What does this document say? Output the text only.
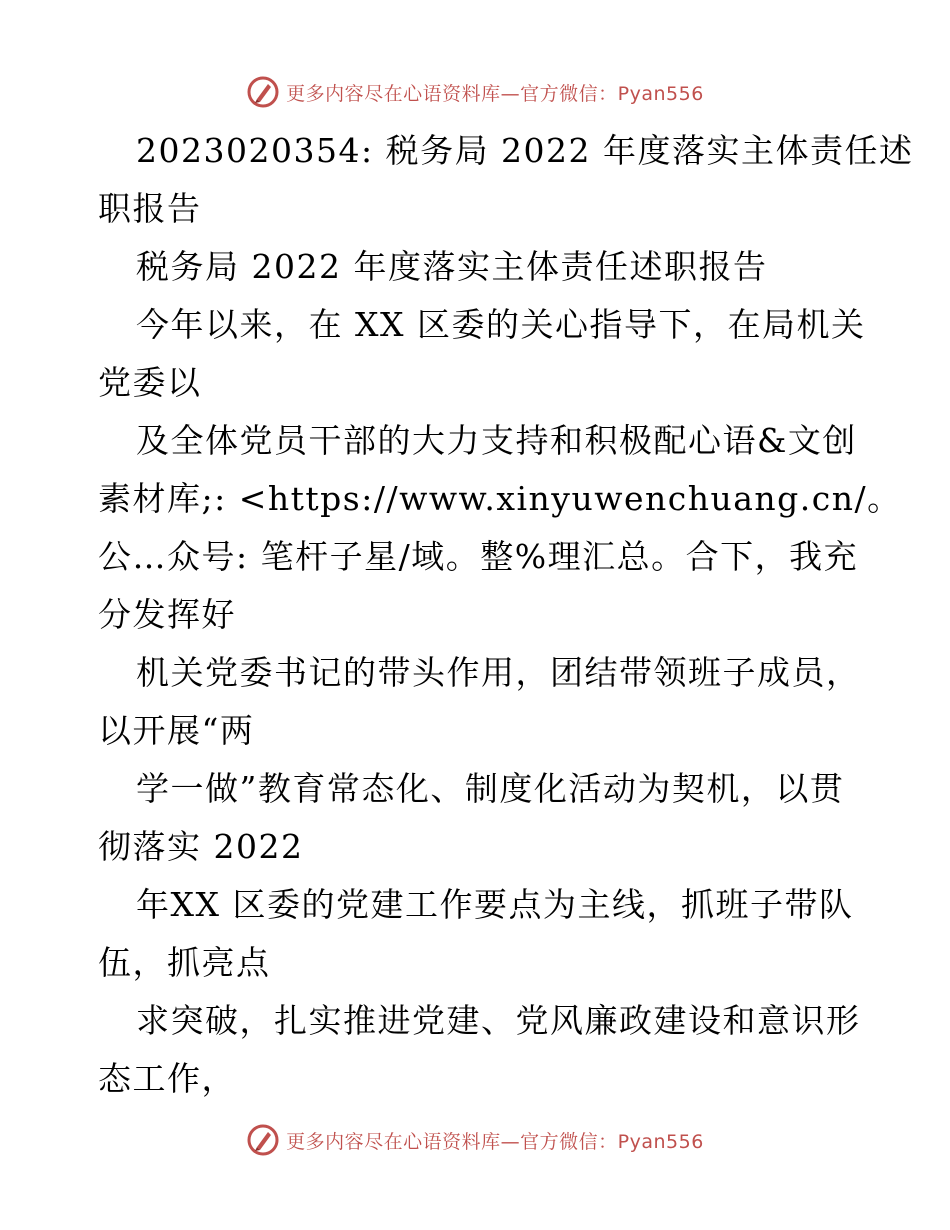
更多内容尽在心语资料库—官方微信：Pyan556
2023020354: 税务局 2022 年度落实主体责任述
职报告
税务局 2022 年度落实主体责任述职报告
今年以来，在 XX 区委的关心指导下，在局机关
党委以
及全体党员干部的大力支持和积极配心语&文创
素材库;: <https://www.xinyuwenchuang.cn/。
公…众号: 笔杆子星/域。整%理汇总。合下，我充
分发挥好
机关党委书记的带头作用，团结带领班子成员，
以开展“两
学一做”教育常态化、制度化活动为契机，以贯
彻落实 2022
年XX 区委的党建工作要点为主线，抓班子带队
伍，抓亮点
求突破，扎实推进党建、党风廉政建设和意识形
态工作，
更多内容尽在心语资料库—官方微信：Pyan556
